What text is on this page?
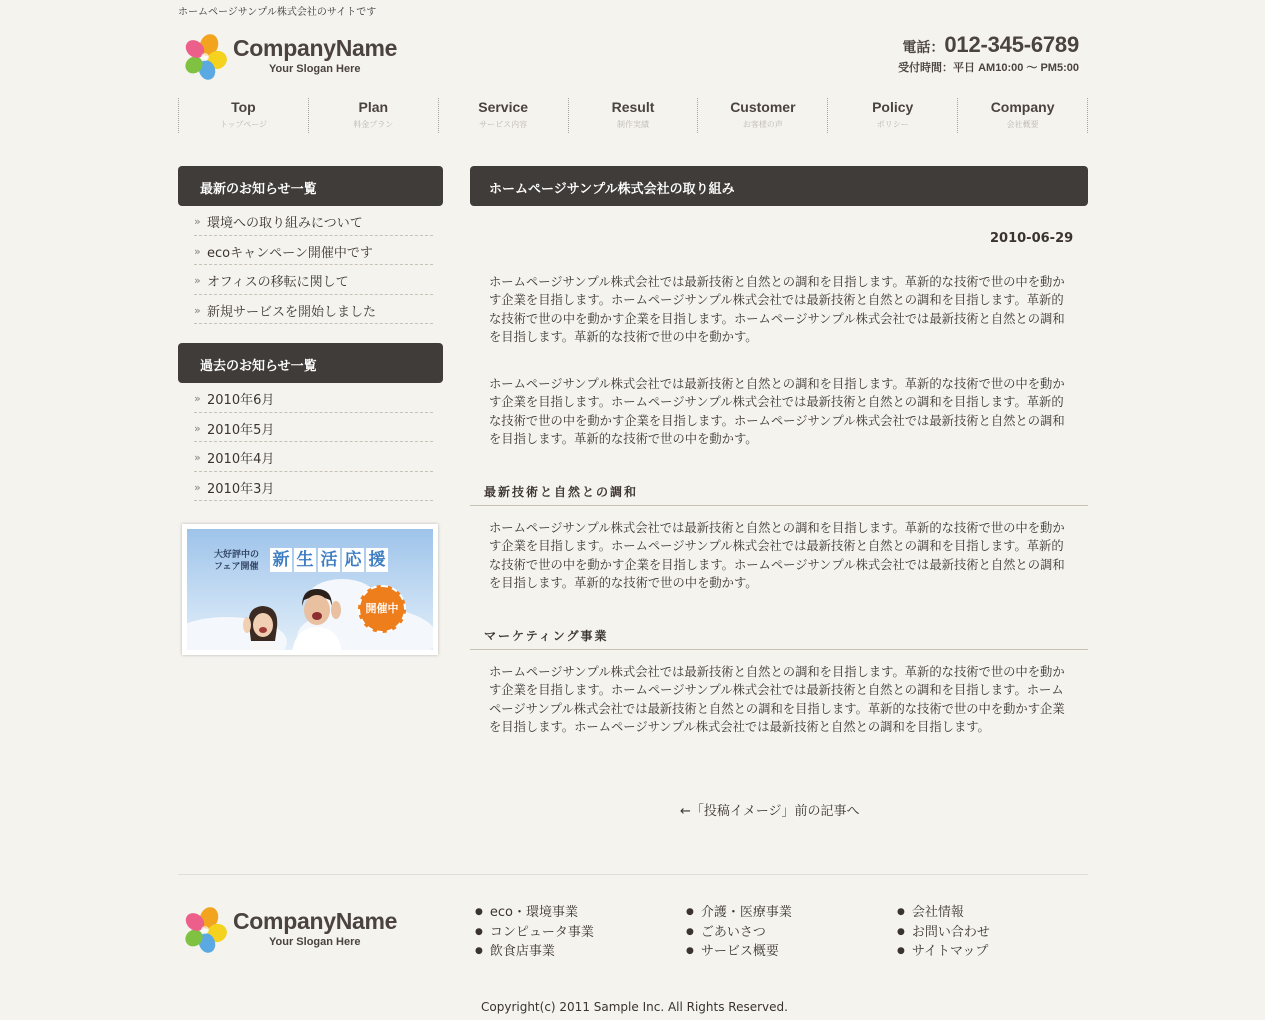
ホームページサンプル株式会社のサイトです
CompanyName
Your Slogan Here
電話：012-345-6789
受付時間：平日 AM10:00 〜 PM5:00
Top
トップページ
Plan
料金プラン
Service
サービス内容
Result
制作実績
Customer
お客様の声
Policy
ポリシー
Company
会社概要
最新のお知らせ一覧
» 環境への取り組みについて
» ecoキャンペーン開催中です
» オフィスの移転に関して
» 新規サービスを開始しました
過去のお知らせ一覧
» 2010年6月
» 2010年5月
» 2010年4月
» 2010年3月
大好評中の
フェア開催 新 生 活 応 援
開催中
ホームページサンプル株式会社の取り組み
2010-06-29

ホームページサンプル株式会社では最新技術と自然との調和を目指します。革新的な技術で世の中を動かす企業を目指します。ホームページサンプル株式会社では最新技術と自然との調和を目指します。革新的な技術で世の中を動かす企業を目指します。ホームページサンプル株式会社では最新技術と自然との調和を目指します。革新的な技術で世の中を動かす。

ホームページサンプル株式会社では最新技術と自然との調和を目指します。革新的な技術で世の中を動かす企業を目指します。ホームページサンプル株式会社では最新技術と自然との調和を目指します。革新的な技術で世の中を動かす企業を目指します。ホームページサンプル株式会社では最新技術と自然との調和を目指します。革新的な技術で世の中を動かす。

最新技術と自然との調和

ホームページサンプル株式会社では最新技術と自然との調和を目指します。革新的な技術で世の中を動かす企業を目指します。ホームページサンプル株式会社では最新技術と自然との調和を目指します。革新的な技術で世の中を動かす企業を目指します。ホームページサンプル株式会社では最新技術と自然との調和を目指します。革新的な技術で世の中を動かす。

マーケティング事業

ホームページサンプル株式会社では最新技術と自然との調和を目指します。革新的な技術で世の中を動かす企業を目指します。ホームページサンプル株式会社では最新技術と自然との調和を目指します。ホームページサンプル株式会社では最新技術と自然との調和を目指します。革新的な技術で世の中を動かす企業を目指します。ホームページサンプル株式会社では最新技術と自然との調和を目指します。

←「投稿イメージ」前の記事へ
CompanyName
Your Slogan Here
● eco・環境事業
● コンピュータ事業
● 飲食店事業
● 介護・医療事業
● ごあいさつ
● サービス概要
● 会社情報
● お問い合わせ
● サイトマップ
Copyright(c) 2011 Sample Inc. All Rights Reserved.
